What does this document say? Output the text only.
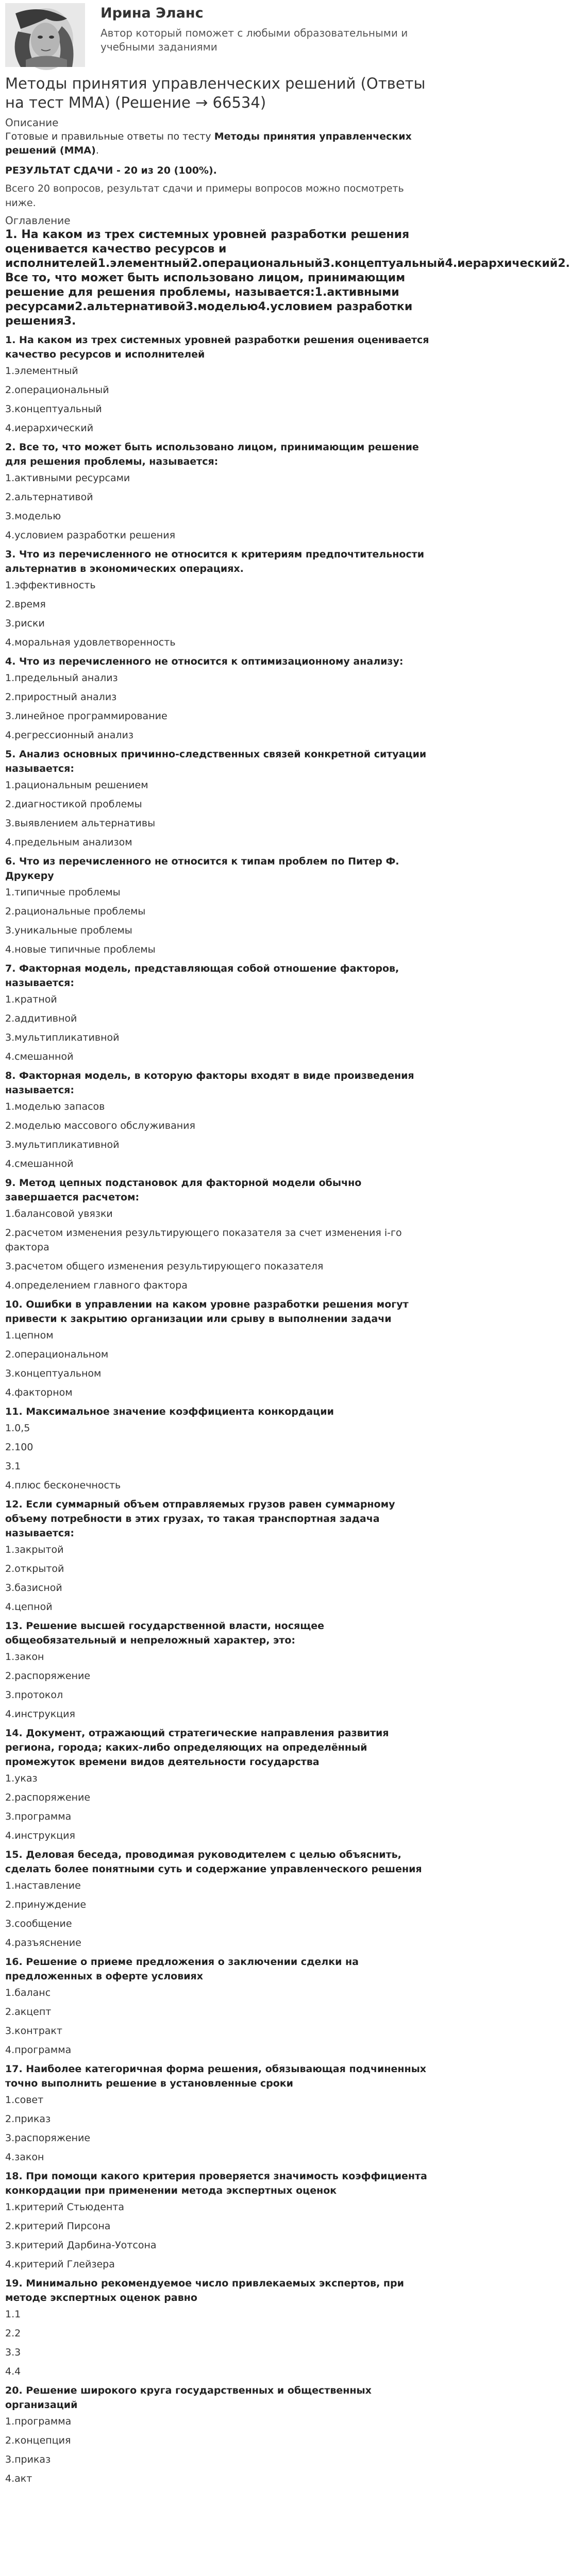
Ирина Эланс
Автор который поможет с любыми образовательными и учебными заданиями
Методы принятия управленческих решений (Ответы на тест ММА) (Решение → 66534)

Описание

Готовые и правильные ответы по тесту Методы принятия управленческих решений (ММА).

РЕЗУЛЬТАТ СДАЧИ - 20 из 20 (100%).

Всего 20 вопросов, результат сдачи и примеры вопросов можно посмотреть ниже.

Оглавление

1. На каком из трех системных уровней разработки решения оценивается качество ресурсов и исполнителей1.элементный2.операциональный3.концептуальный4.иерархический2. Все то, что может быть использовано лицом, принимающим решение для решения проблемы, называется:1.активными ресурсами2.альтернативой3.моделью4.условием разработки решения3.

1. На каком из трех системных уровней разработки решения оценивается качество ресурсов и исполнителей

1.элементный

2.операциональный

3.концептуальный

4.иерархический

2. Все то, что может быть использовано лицом, принимающим решение для решения проблемы, называется:

1.активными ресурсами

2.альтернативой

3.моделью

4.условием разработки решения

3. Что из перечисленного не относится к критериям предпочтительности альтернатив в экономических операциях.

1.эффективность

2.время

3.риски

4.моральная удовлетворенность

4. Что из перечисленного не относится к оптимизационному анализу:

1.предельный анализ

2.приростный анализ

3.линейное программирование

4.регрессионный анализ

5. Анализ основных причинно-следственных связей конкретной ситуации называется:

1.рациональным решением

2.диагностикой проблемы

3.выявлением альтернативы

4.предельным анализом

6. Что из перечисленного не относится к типам проблем по Питер Ф. Друкеру

1.типичные проблемы

2.рациональные проблемы

3.уникальные проблемы

4.новые типичные проблемы

7. Факторная модель, представляющая собой отношение факторов, называется:

1.кратной

2.аддитивной

3.мультипликативной

4.смешанной

8. Факторная модель, в которую факторы входят в виде произведения называется:

1.моделью запасов

2.моделью массового обслуживания

3.мультипликативной

4.смешанной

9. Метод цепных подстановок для факторной модели обычно завершается расчетом:

1.балансовой увязки

2.расчетом изменения результирующего показателя за счет изменения i-го фактора

3.расчетом общего изменения результирующего показателя

4.определением главного фактора

10. Ошибки в управлении на каком уровне разработки решения могут привести к закрытию организации или срыву в выполнении задачи

1.цепном

2.операциональном

3.концептуальном

4.факторном

11. Максимальное значение коэффициента конкордации

1.0,5

2.100

3.1

4.плюс бесконечность

12. Если суммарный объем отправляемых грузов равен суммарному объему потребности в этих грузах, то такая транспортная задача называется:

1.закрытой

2.открытой

3.базисной

4.цепной

13. Решение высшей государственной власти, носящее общеобязательный и непреложный характер, это:

1.закон

2.распоряжение

3.протокол

4.инструкция

14. Документ, отражающий стратегические направления развития региона, города; каких-либо определяющих на определённый промежуток времени видов деятельности государства

1.указ

2.распоряжение

3.программа

4.инструкция

15. Деловая беседа, проводимая руководителем с целью объяснить, сделать более понятными суть и содержание управленческого решения

1.наставление

2.принуждение

3.сообщение

4.разъяснение

16. Решение о приеме предложения о заключении сделки на предложенных в оферте условиях

1.баланс

2.акцепт

3.контракт

4.программа

17. Наиболее категоричная форма решения, обязывающая подчиненных точно выполнить решение в установленные сроки

1.совет

2.приказ

3.распоряжение

4.закон

18. При помощи какого критерия проверяется значимость коэффициента конкордации при применении метода экспертных оценок

1.критерий Стьюдента

2.критерий Пирсона

3.критерий Дарбина-Уотсона

4.критерий Глейзера

19. Минимально рекомендуемое число привлекаемых экспертов, при методе экспертных оценок равно

1.1

2.2

3.3

4.4

20. Решение широкого круга государственных и общественных организаций

1.программа

2.концепция

3.приказ

4.акт
